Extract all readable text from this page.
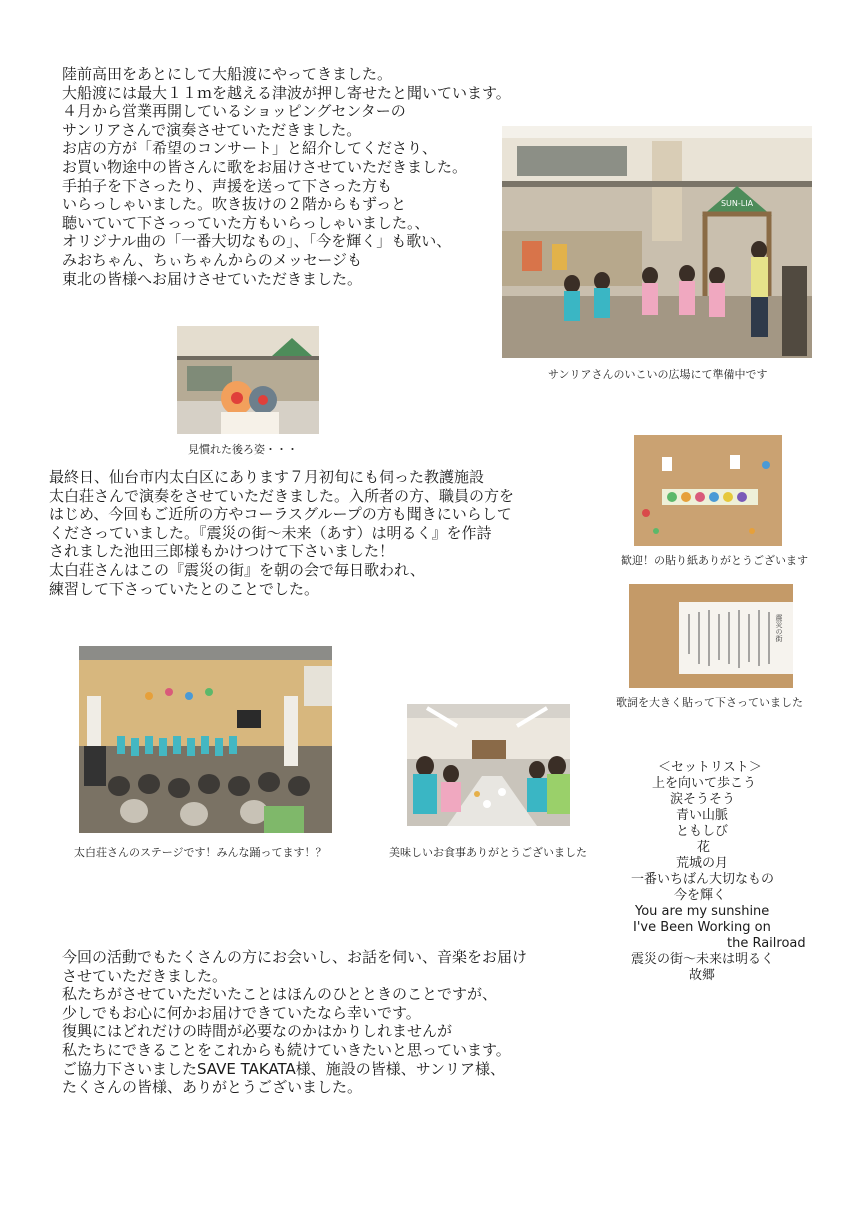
陸前高田をあとにして大船渡にやってきました。
大船渡には最大１１ｍを越える津波が押し寄せたと聞いています。
４月から営業再開しているショッピングセンターの
サンリアさんで演奏させていただきました。
お店の方が「希望のコンサート」と紹介してくださり、
お買い物途中の皆さんに歌をお届けさせていただきました。
手拍子を下さったり、声援を送って下さった方も
いらっしゃいました。吹き抜けの２階からもずっと
聴いていて下さっっていた方もいらっしゃいました。、
オリジナル曲の「一番大切なもの」、「今を輝く」も歌い、
みおちゃん、ちぃちゃんからのメッセージも
東北の皆様へお届けさせていただきました。
SUN-LIA
サンリアさんのいこいの広場にて準備中です
見慣れた後ろ姿・・・
歓迎！の貼り紙ありがとうございます
最終日、仙台市内太白区にあります７月初旬にも伺った教護施設
太白荘さんで演奏をさせていただきました。入所者の方、職員の方を
はじめ、今回もご近所の方やコーラスグループの方も聞きにいらして
くださっていました。『震災の街～未来（あす）は明るく』を作詩
されました池田三郎様もかけつけて下さいました！
太白荘さんはこの『震災の街』を朝の会で毎日歌われ、
練習して下さっていたとのことでした。
震災の街
歌詞を大きく貼って下さっていました
太白荘さんのステージです！みんな踊ってます！？	美味しいお食事ありがとうございました
＜セットリスト＞
上を向いて歩こう
涙そうそう
青い山脈
ともしび
花
荒城の月
一番いちばん大切なもの
今を輝く
You are my sunshine
I've Been Working on
the Railroad
震災の街～未来は明るく
故郷
今回の活動でもたくさんの方にお会いし、お話を伺い、音楽をお届け
させていただきました。
私たちがさせていただいたことはほんのひとときのことですが、
少しでもお心に何かお届けできていたなら幸いです。
復興にはどれだけの時間が必要なのかはかりしれませんが
私たちにできることをこれからも続けていきたいと思っています。
ご協力下さいましたSAVE TAKATA様、施設の皆様、サンリア様、
たくさんの皆様、ありがとうございました。
